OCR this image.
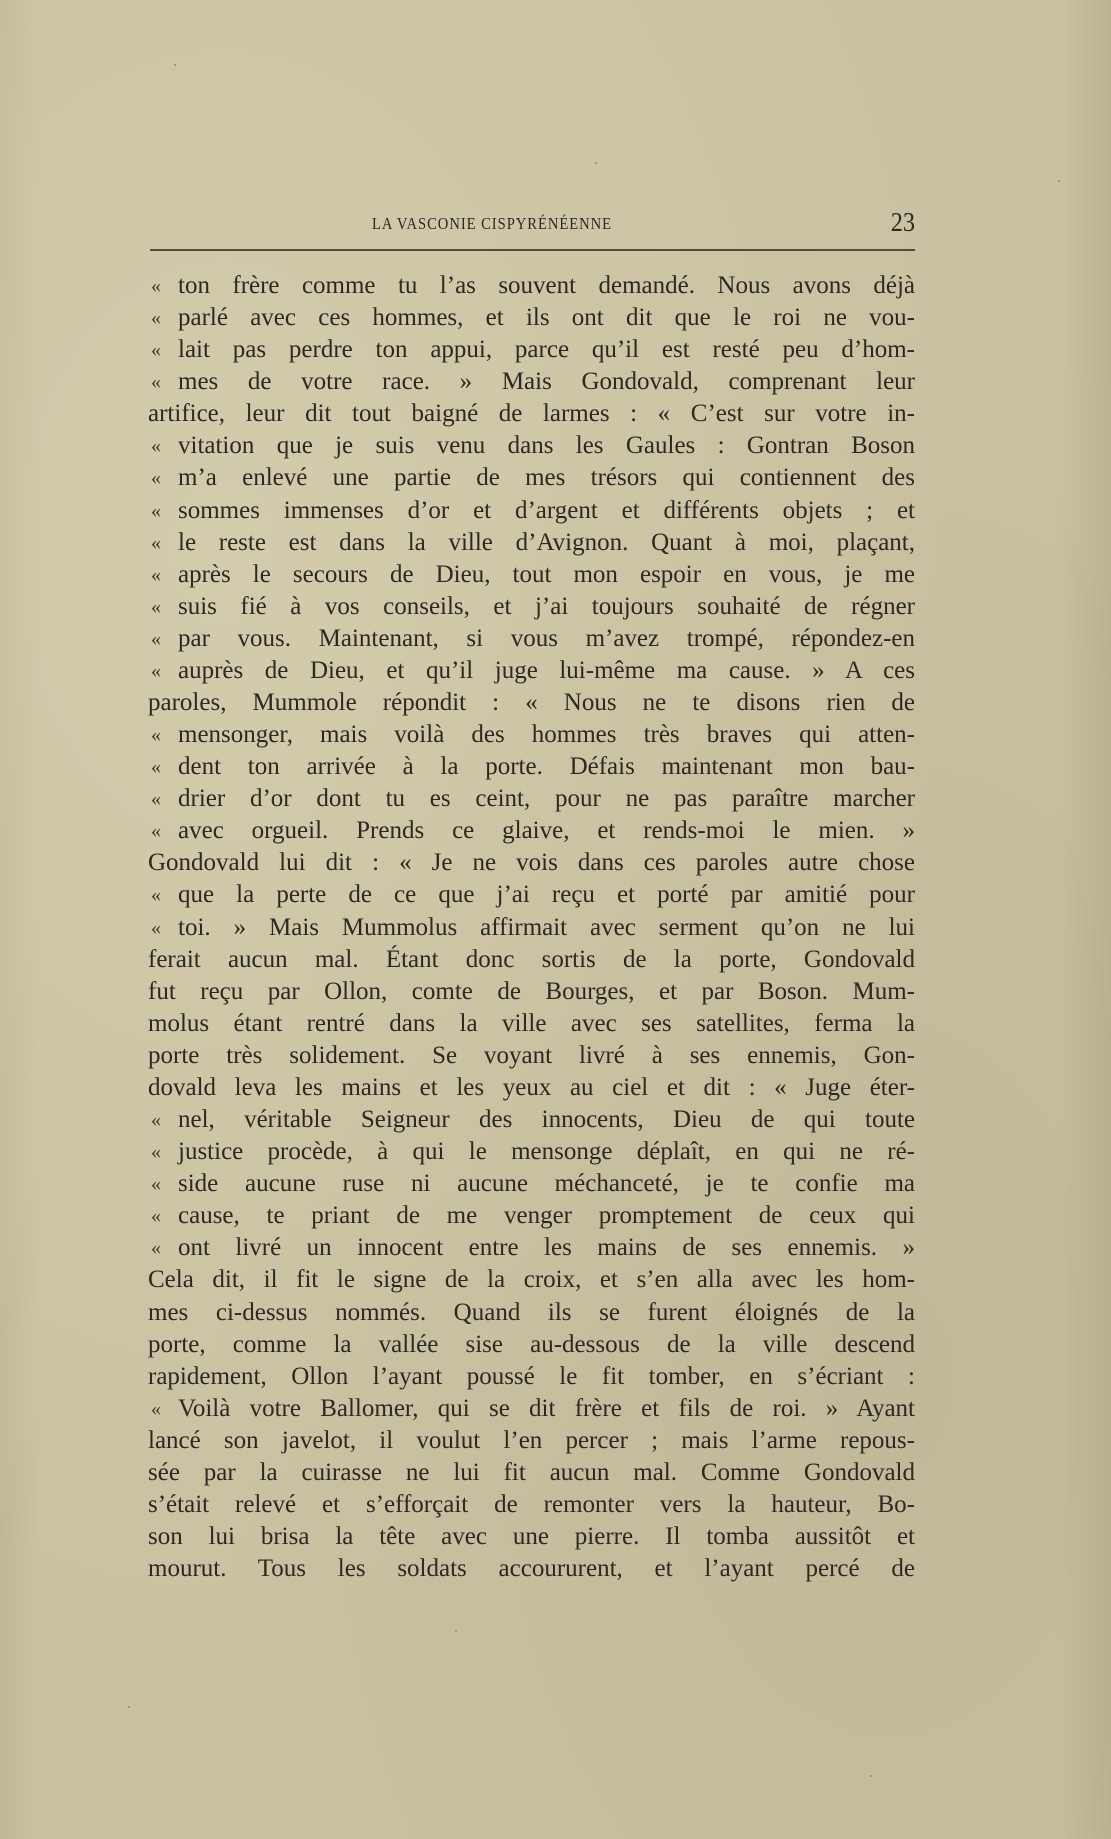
LA VASCONIE CISPYRÉNÉENNE	23
« ton frère comme tu l’as souvent demandé. Nous avons déjà
« parlé avec ces hommes, et ils ont dit que le roi ne vou-
« lait pas perdre ton appui, parce qu’il est resté peu d’hom-
« mes de votre race. » Mais Gondovald, comprenant leur
artifice, leur dit tout baigné de larmes : « C’est sur votre in-
« vitation que je suis venu dans les Gaules : Gontran Boson
« m’a enlevé une partie de mes trésors qui contiennent des
« sommes immenses d’or et d’argent et différents objets ; et
« le reste est dans la ville d’Avignon. Quant à moi, plaçant,
« après le secours de Dieu, tout mon espoir en vous, je me
« suis fié à vos conseils, et j’ai toujours souhaité de régner
« par vous. Maintenant, si vous m’avez trompé, répondez-en
« auprès de Dieu, et qu’il juge lui-même ma cause. » A ces
paroles, Mummole répondit : « Nous ne te disons rien de
« mensonger, mais voilà des hommes très braves qui atten-
« dent ton arrivée à la porte. Défais maintenant mon bau-
« drier d’or dont tu es ceint, pour ne pas paraître marcher
« avec orgueil. Prends ce glaive, et rends-moi le mien. »
Gondovald lui dit : « Je ne vois dans ces paroles autre chose
« que la perte de ce que j’ai reçu et porté par amitié pour
« toi. » Mais Mummolus affirmait avec serment qu’on ne lui
ferait aucun mal. Étant donc sortis de la porte, Gondovald
fut reçu par Ollon, comte de Bourges, et par Boson. Mum-
molus étant rentré dans la ville avec ses satellites, ferma la
porte très solidement. Se voyant livré à ses ennemis, Gon-
dovald leva les mains et les yeux au ciel et dit : « Juge éter-
« nel, véritable Seigneur des innocents, Dieu de qui toute
« justice procède, à qui le mensonge déplaît, en qui ne ré-
« side aucune ruse ni aucune méchanceté, je te confie ma
« cause, te priant de me venger promptement de ceux qui
« ont livré un innocent entre les mains de ses ennemis. »
Cela dit, il fit le signe de la croix, et s’en alla avec les hom-
mes ci-dessus nommés. Quand ils se furent éloignés de la
porte, comme la vallée sise au-dessous de la ville descend
rapidement, Ollon l’ayant poussé le fit tomber, en s’écriant :
« Voilà votre Ballomer, qui se dit frère et fils de roi. » Ayant
lancé son javelot, il voulut l’en percer ; mais l’arme repous-
sée par la cuirasse ne lui fit aucun mal. Comme Gondovald
s’était relevé et s’efforçait de remonter vers la hauteur, Bo-
son lui brisa la tête avec une pierre. Il tomba aussitôt et
mourut. Tous les soldats accoururent, et l’ayant percé de
